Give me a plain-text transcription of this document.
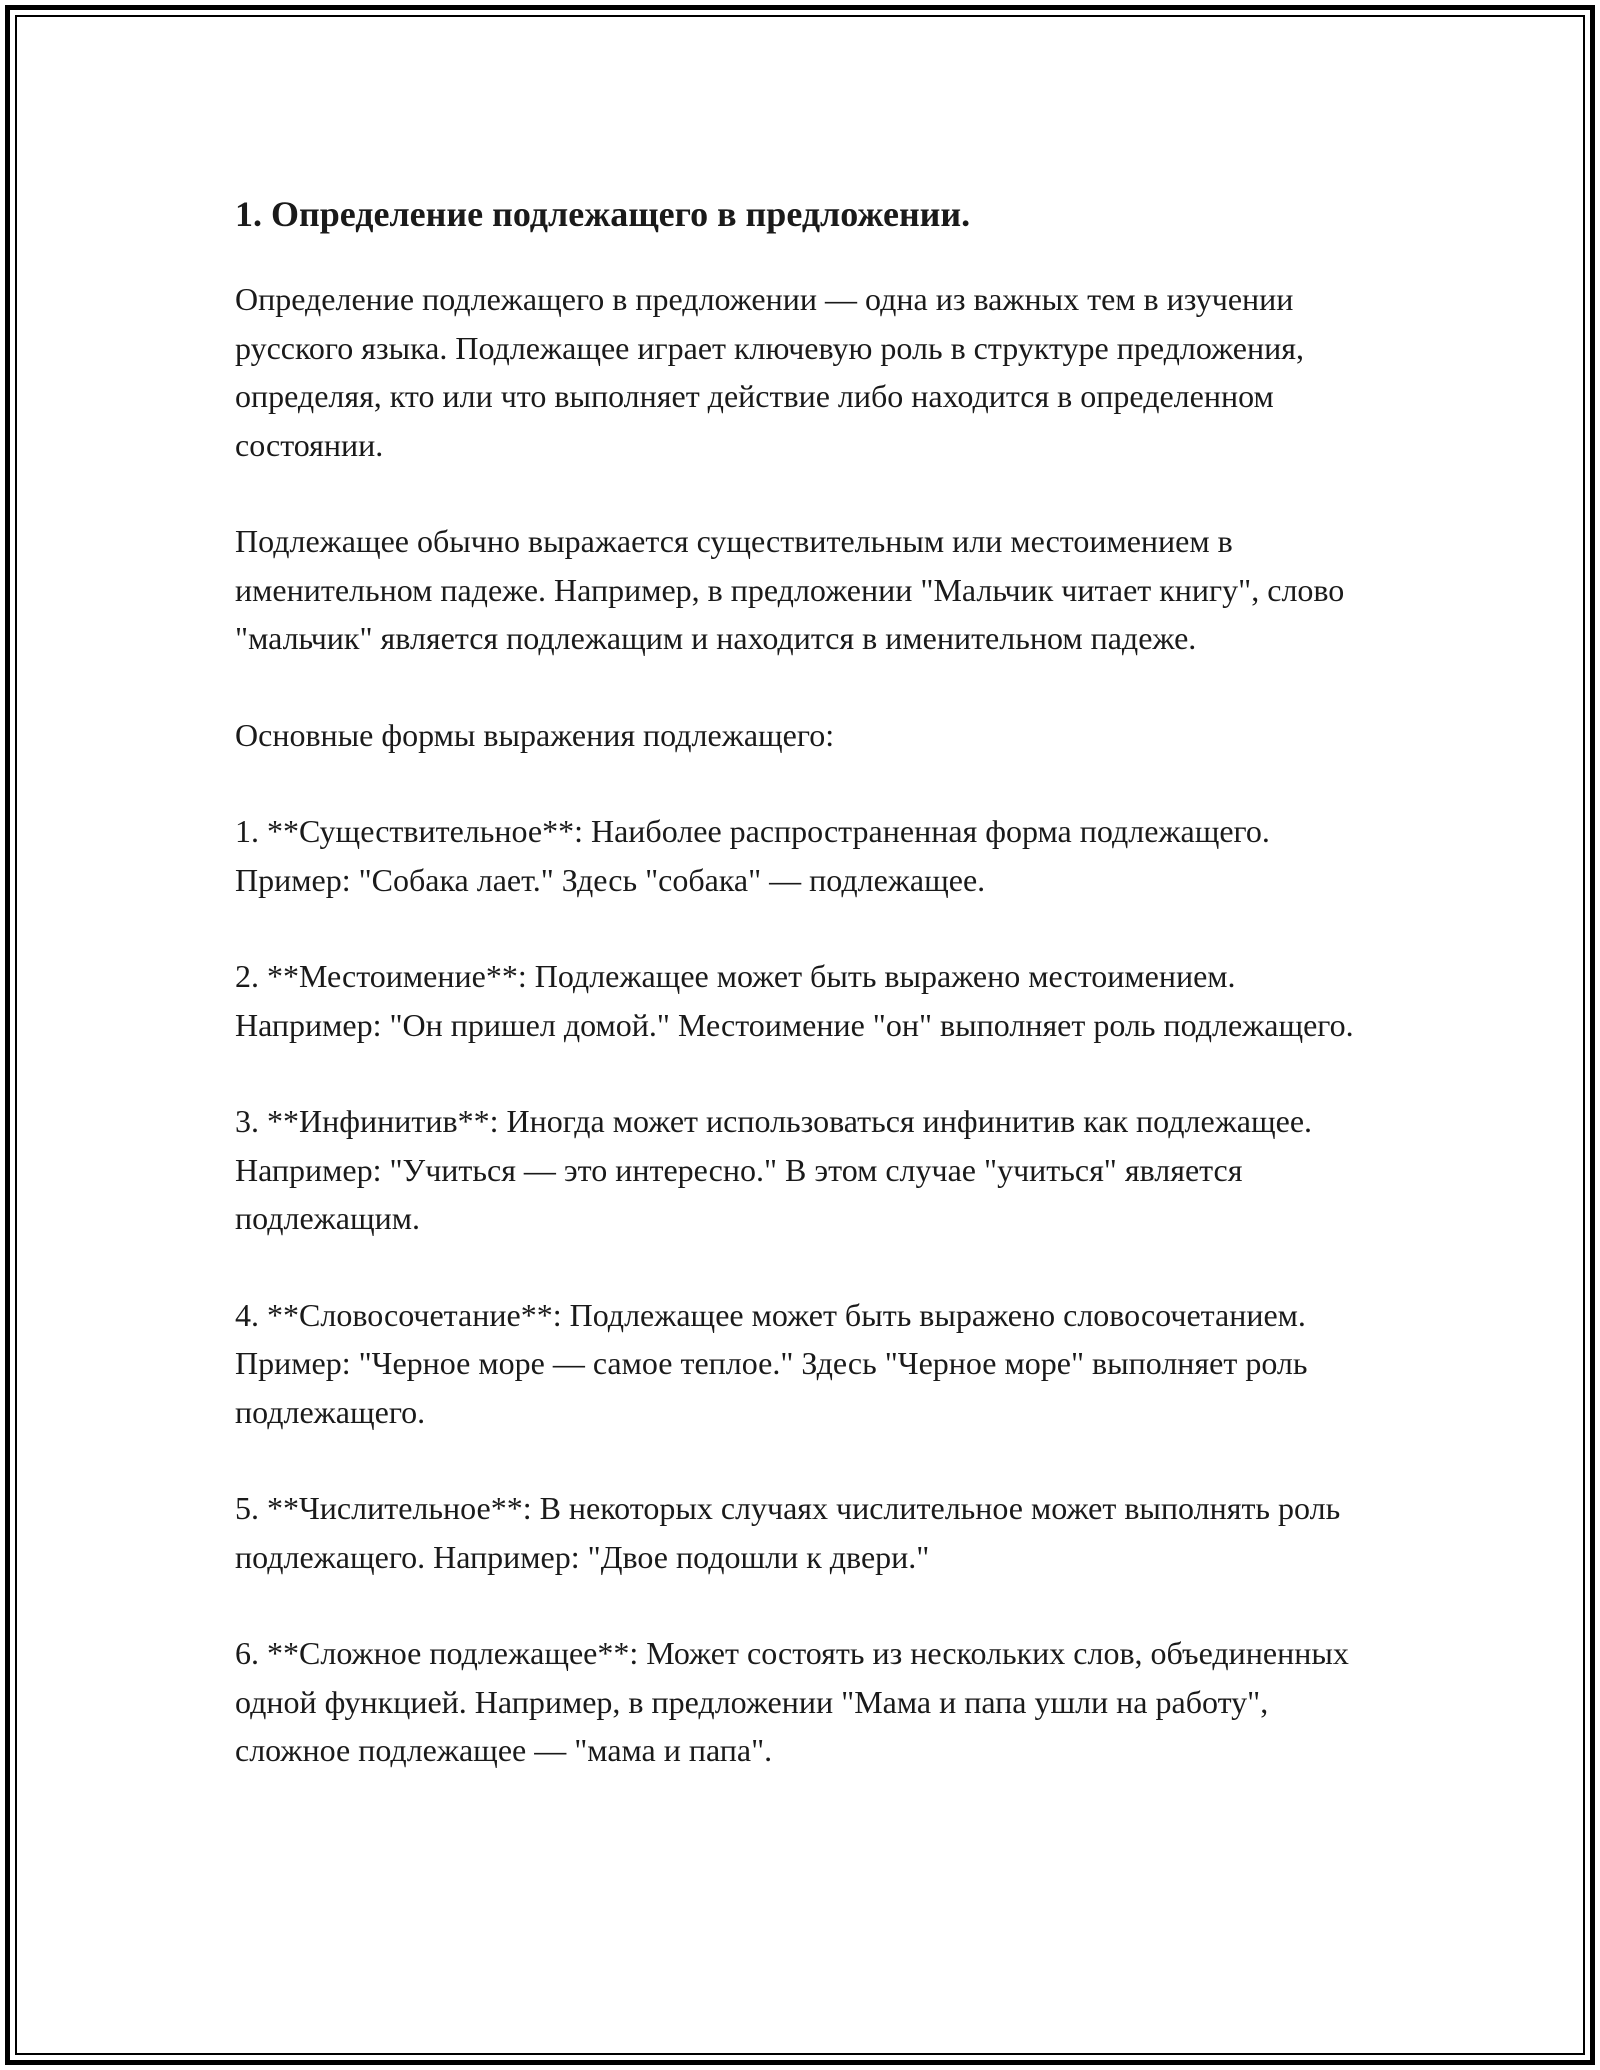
1. Определение подлежащего в предложении.

Определение подлежащего в предложении — одна из важных тем в изучении русского языка. Подлежащее играет ключевую роль в структуре предложения, определяя, кто или что выполняет действие либо находится в определенном состоянии.

Подлежащее обычно выражается существительным или местоимением в именительном падеже. Например, в предложении "Мальчик читает книгу", слово "мальчик" является подлежащим и находится в именительном падеже.

Основные формы выражения подлежащего:

1. **Существительное**: Наиболее распространенная форма подлежащего. Пример: "Собака лает." Здесь "собака" — подлежащее.

2. **Местоимение**: Подлежащее может быть выражено местоимением. Например: "Он пришел домой." Местоимение "он" выполняет роль подлежащего.

3. **Инфинитив**: Иногда может использоваться инфинитив как подлежащее. Например: "Учиться — это интересно." В этом случае "учиться" является подлежащим.

4. **Словосочетание**: Подлежащее может быть выражено словосочетанием. Пример: "Черное море — самое теплое." Здесь "Черное море" выполняет роль подлежащего.

5. **Числительное**: В некоторых случаях числительное может выполнять роль подлежащего. Например: "Двое подошли к двери."

6. **Сложное подлежащее**: Может состоять из нескольких слов, объединенных одной функцией. Например, в предложении "Мама и папа ушли на работу", сложное подлежащее — "мама и папа".
